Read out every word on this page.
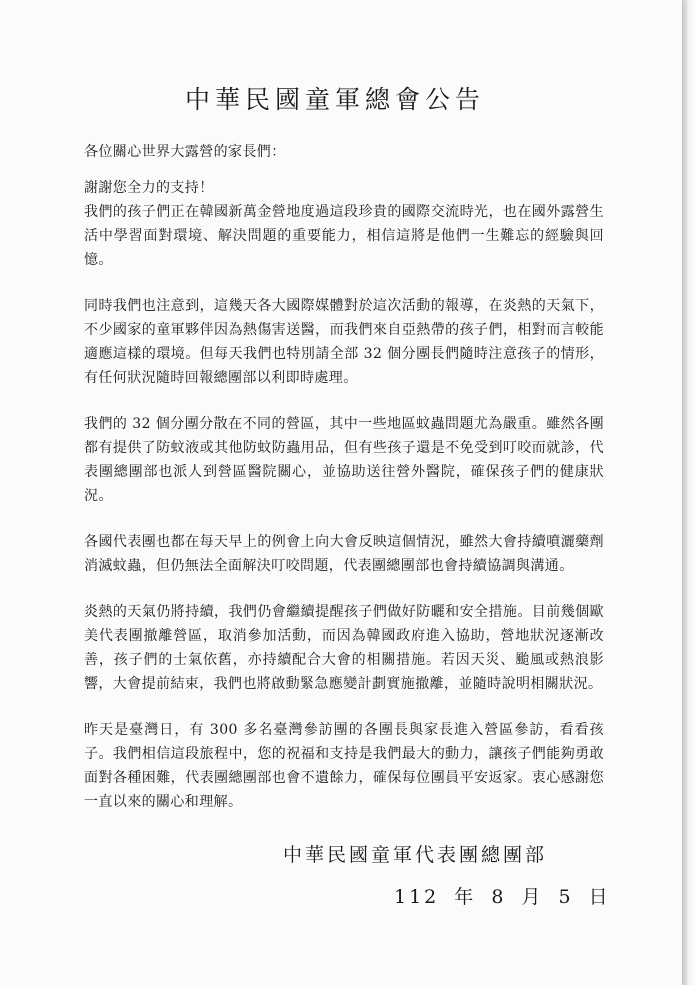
中華民國童軍總會公告

各位關心世界大露營的家長們：

謝謝您全力的支持！

我們的孩子們正在韓國新萬金營地度過這段珍貴的國際交流時光，也在國外露營生活中學習面對環境、解決問題的重要能力，相信這將是他們一生難忘的經驗與回憶。

同時我們也注意到，這幾天各大國際媒體對於這次活動的報導，在炎熱的天氣下，不少國家的童軍夥伴因為熱傷害送醫，而我們來自亞熱帶的孩子們，相對而言較能適應這樣的環境。但每天我們也特別請全部 32 個分團長們隨時注意孩子的情形，有任何狀況隨時回報總團部以利即時處理。

我們的 32 個分團分散在不同的營區，其中一些地區蚊蟲問題尤為嚴重。雖然各團都有提供了防蚊液或其他防蚊防蟲用品，但有些孩子還是不免受到叮咬而就診，代表團總團部也派人到營區醫院關心，並協助送往營外醫院，確保孩子們的健康狀況。

各國代表團也都在每天早上的例會上向大會反映這個情況，雖然大會持續噴灑藥劑消滅蚊蟲，但仍無法全面解決叮咬問題，代表團總團部也會持續協調與溝通。

炎熱的天氣仍將持續，我們仍會繼續提醒孩子們做好防曬和安全措施。目前幾個歐美代表團撤離營區，取消參加活動，而因為韓國政府進入協助，營地狀況逐漸改善，孩子們的士氣依舊，亦持續配合大會的相關措施。若因天災、颱風或熱浪影響，大會提前結束，我們也將啟動緊急應變計劃實施撤離，並隨時說明相關狀況。

昨天是臺灣日，有 300 多名臺灣參訪團的各團長與家長進入營區參訪，看看孩子。我們相信這段旅程中，您的祝福和支持是我們最大的動力，讓孩子們能夠勇敢面對各種困難，代表團總團部也會不遺餘力，確保每位團員平安返家。衷心感謝您一直以來的關心和理解。

中華民國童軍代表團總團部
112 年 8 月 5 日
